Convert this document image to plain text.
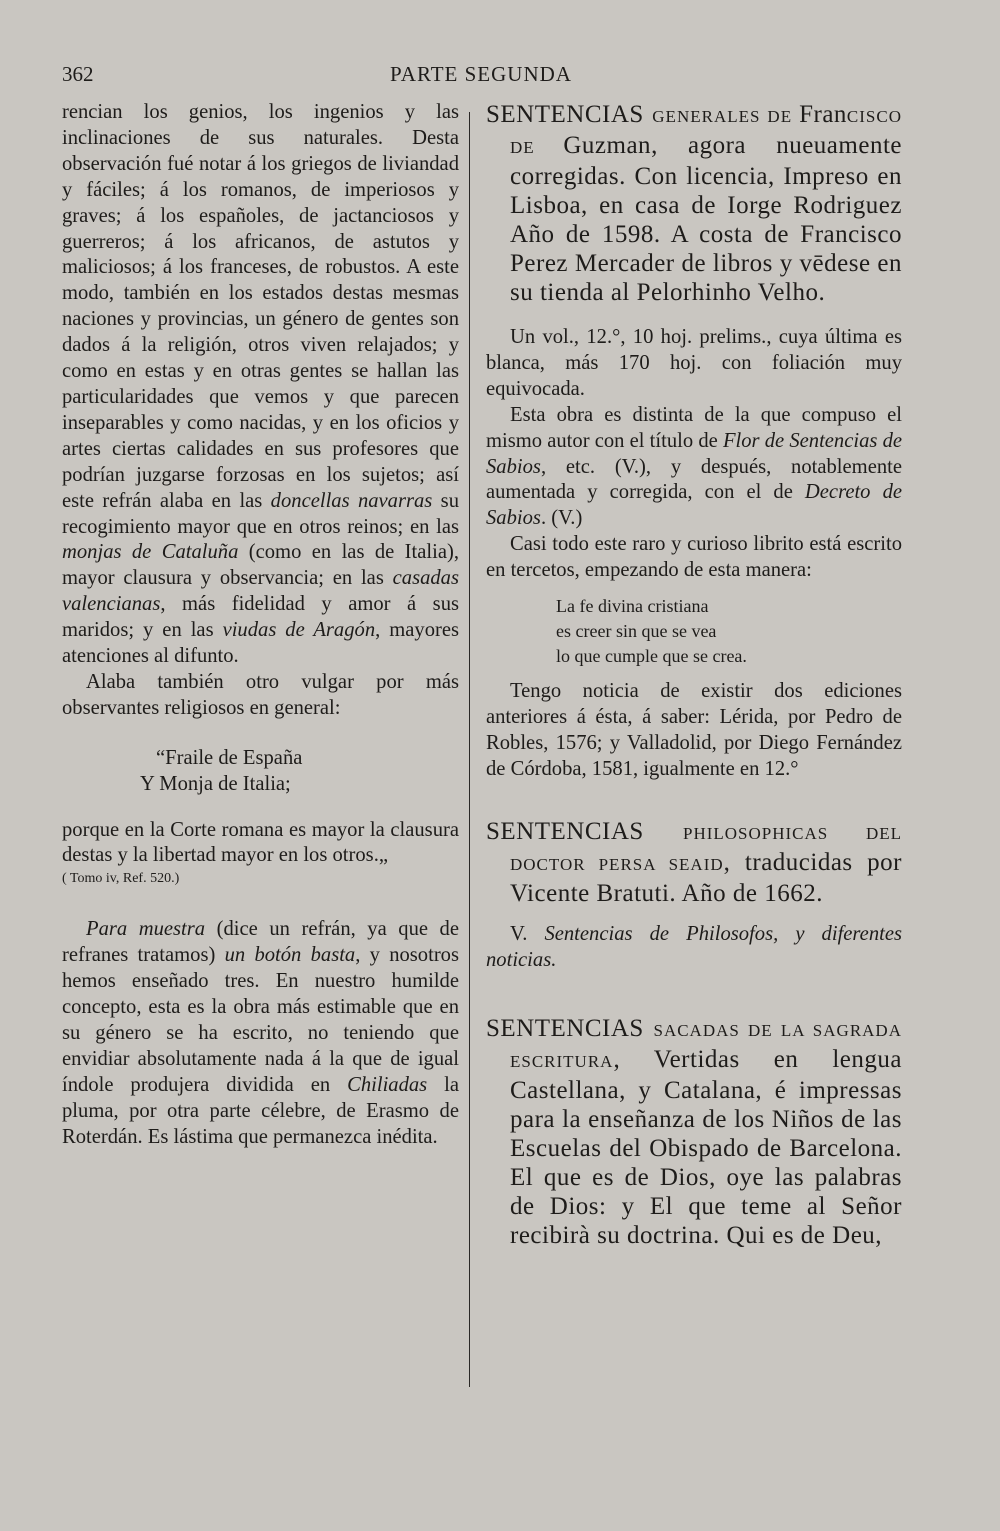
362	PARTE SEGUNDA

rencian los genios, los ingenios y las inclinaciones de sus naturales. Desta observación fué notar á los griegos de liviandad y fáciles; á los romanos, de imperiosos y graves; á los españoles, de jactanciosos y guerreros; á los africanos, de astutos y maliciosos; á los franceses, de robustos. A este modo, también en los estados destas mesmas naciones y provincias, un género de gentes son dados á la religión, otros viven relajados; y como en estas y en otras gentes se hallan las particularidades que vemos y que parecen inseparables y como nacidas, y en los oficios y artes ciertas calidades en sus profesores que podrían juzgarse forzosas en los sujetos; así este refrán alaba en las doncellas navarras su recogimiento mayor que en otros reinos; en las monjas de Cataluña (como en las de Italia), mayor clausura y observancia; en las casadas valencianas, más fidelidad y amor á sus maridos; y en las viudas de Aragón, mayores atenciones al difunto.

Alaba también otro vulgar por más observantes religiosos en general:

“Fraile de España
Y Monja de Italia;

porque en la Corte romana es mayor la clausura destas y la libertad mayor en los otros.„

( Tomo iv, Ref. 520.)

Para muestra (dice un refrán, ya que de refranes tratamos) un botón basta, y nosotros hemos enseñado tres. En nuestro humilde concepto, esta es la obra más estimable que en su género se ha escrito, no teniendo que envidiar absolutamente nada á la que de igual índole produjera dividida en Chiliadas la pluma, por otra parte célebre, de Erasmo de Roterdán. Es lástima que permanezca inédita.

SENTENCIAS GENERALES DE FranCISCO DE Guzman, agora nueuamente corregidas. Con licencia, Impreso en Lisboa, en casa de Iorge Rodriguez Año de 1598. A costa de Francisco Perez Mercader de libros y vēdese en su tienda al Pelorhinho Velho.

Un vol., 12.°, 10 hoj. prelims., cuya última es blanca, más 170 hoj. con foliación muy equivocada.

Esta obra es distinta de la que compuso el mismo autor con el título de Flor de Sentencias de Sabios, etc. (V.), y después, notablemente aumentada y corregida, con el de Decreto de Sabios. (V.)

Casi todo este raro y curioso librito está escrito en tercetos, empezando de esta manera:

La fe divina cristiana
es creer sin que se vea
lo que cumple que se crea.

Tengo noticia de existir dos ediciones anteriores á ésta, á saber: Lérida, por Pedro de Robles, 1576; y Valladolid, por Diego Fernández de Córdoba, 1581, igualmente en 12.°

SENTENCIAS PHILOSOPHICAS DEL DOCTOR PERSA SEAID, traducidas por Vicente Bratuti. Año de 1662.

V. Sentencias de Philosofos, y diferentes noticias.

SENTENCIAS SACADAS DE LA SAGRADA ESCRITURA, Vertidas en lengua Castellana, y Catalana, é impressas para la enseñanza de los Niños de las Escuelas del Obispado de Barcelona. El que es de Dios, oye las palabras de Dios: y El que teme al Señor recibirà su doctrina. Qui es de Deu,
